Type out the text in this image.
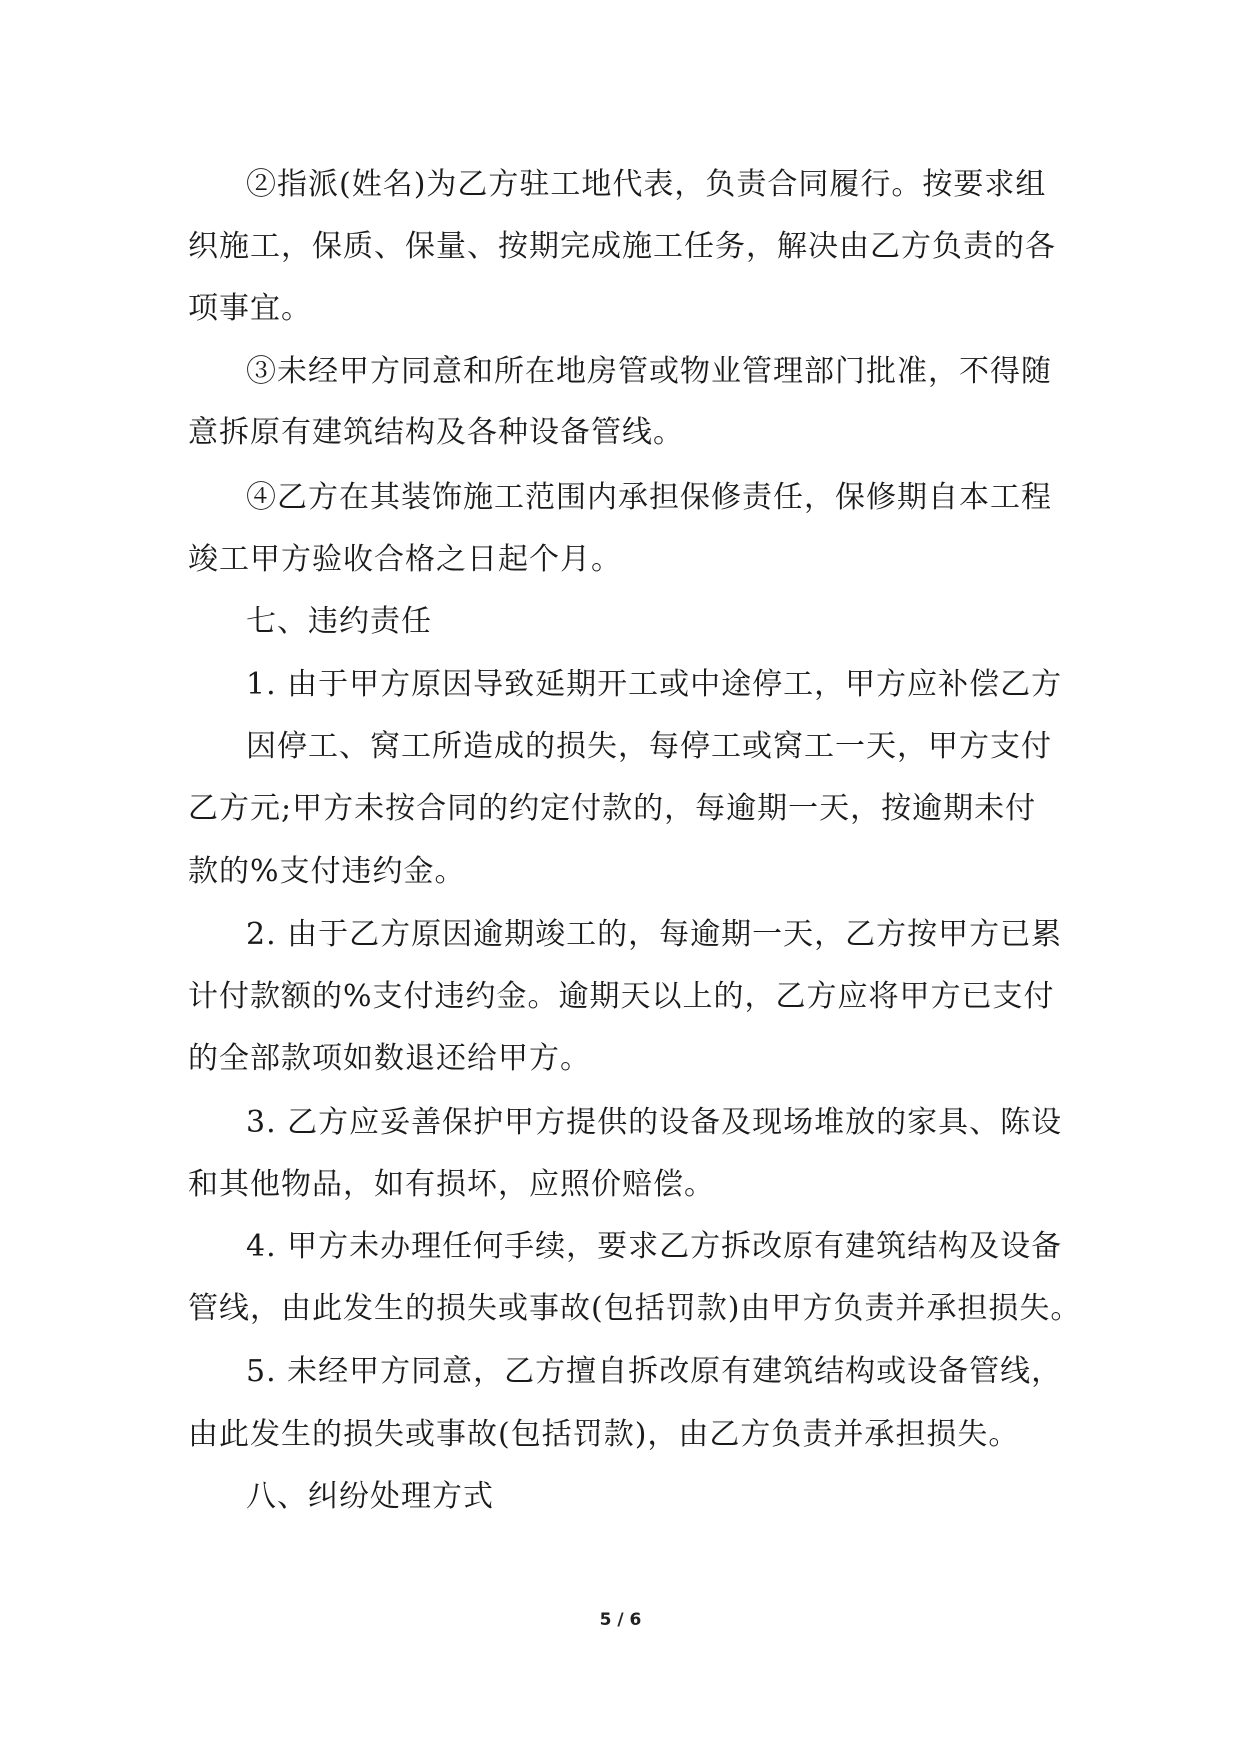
②指派(姓名)为乙方驻工地代表，负责合同履行。按要求组
织施工，保质、保量、按期完成施工任务，解决由乙方负责的各
项事宜。
③未经甲方同意和所在地房管或物业管理部门批准，不得随
意拆原有建筑结构及各种设备管线。
④乙方在其装饰施工范围内承担保修责任，保修期自本工程
竣工甲方验收合格之日起个月。
七、违约责任
1. 由于甲方原因导致延期开工或中途停工，甲方应补偿乙方
因停工、窝工所造成的损失，每停工或窝工一天，甲方支付
乙方元;甲方未按合同的约定付款的，每逾期一天，按逾期未付
款的%支付违约金。
2. 由于乙方原因逾期竣工的，每逾期一天，乙方按甲方已累
计付款额的%支付违约金。逾期天以上的，乙方应将甲方已支付
的全部款项如数退还给甲方。
3. 乙方应妥善保护甲方提供的设备及现场堆放的家具、陈设
和其他物品，如有损坏，应照价赔偿。
4. 甲方未办理任何手续，要求乙方拆改原有建筑结构及设备
管线，由此发生的损失或事故(包括罚款)由甲方负责并承担损失。
5. 未经甲方同意，乙方擅自拆改原有建筑结构或设备管线，
由此发生的损失或事故(包括罚款)，由乙方负责并承担损失。
八、纠纷处理方式
5 / 6
